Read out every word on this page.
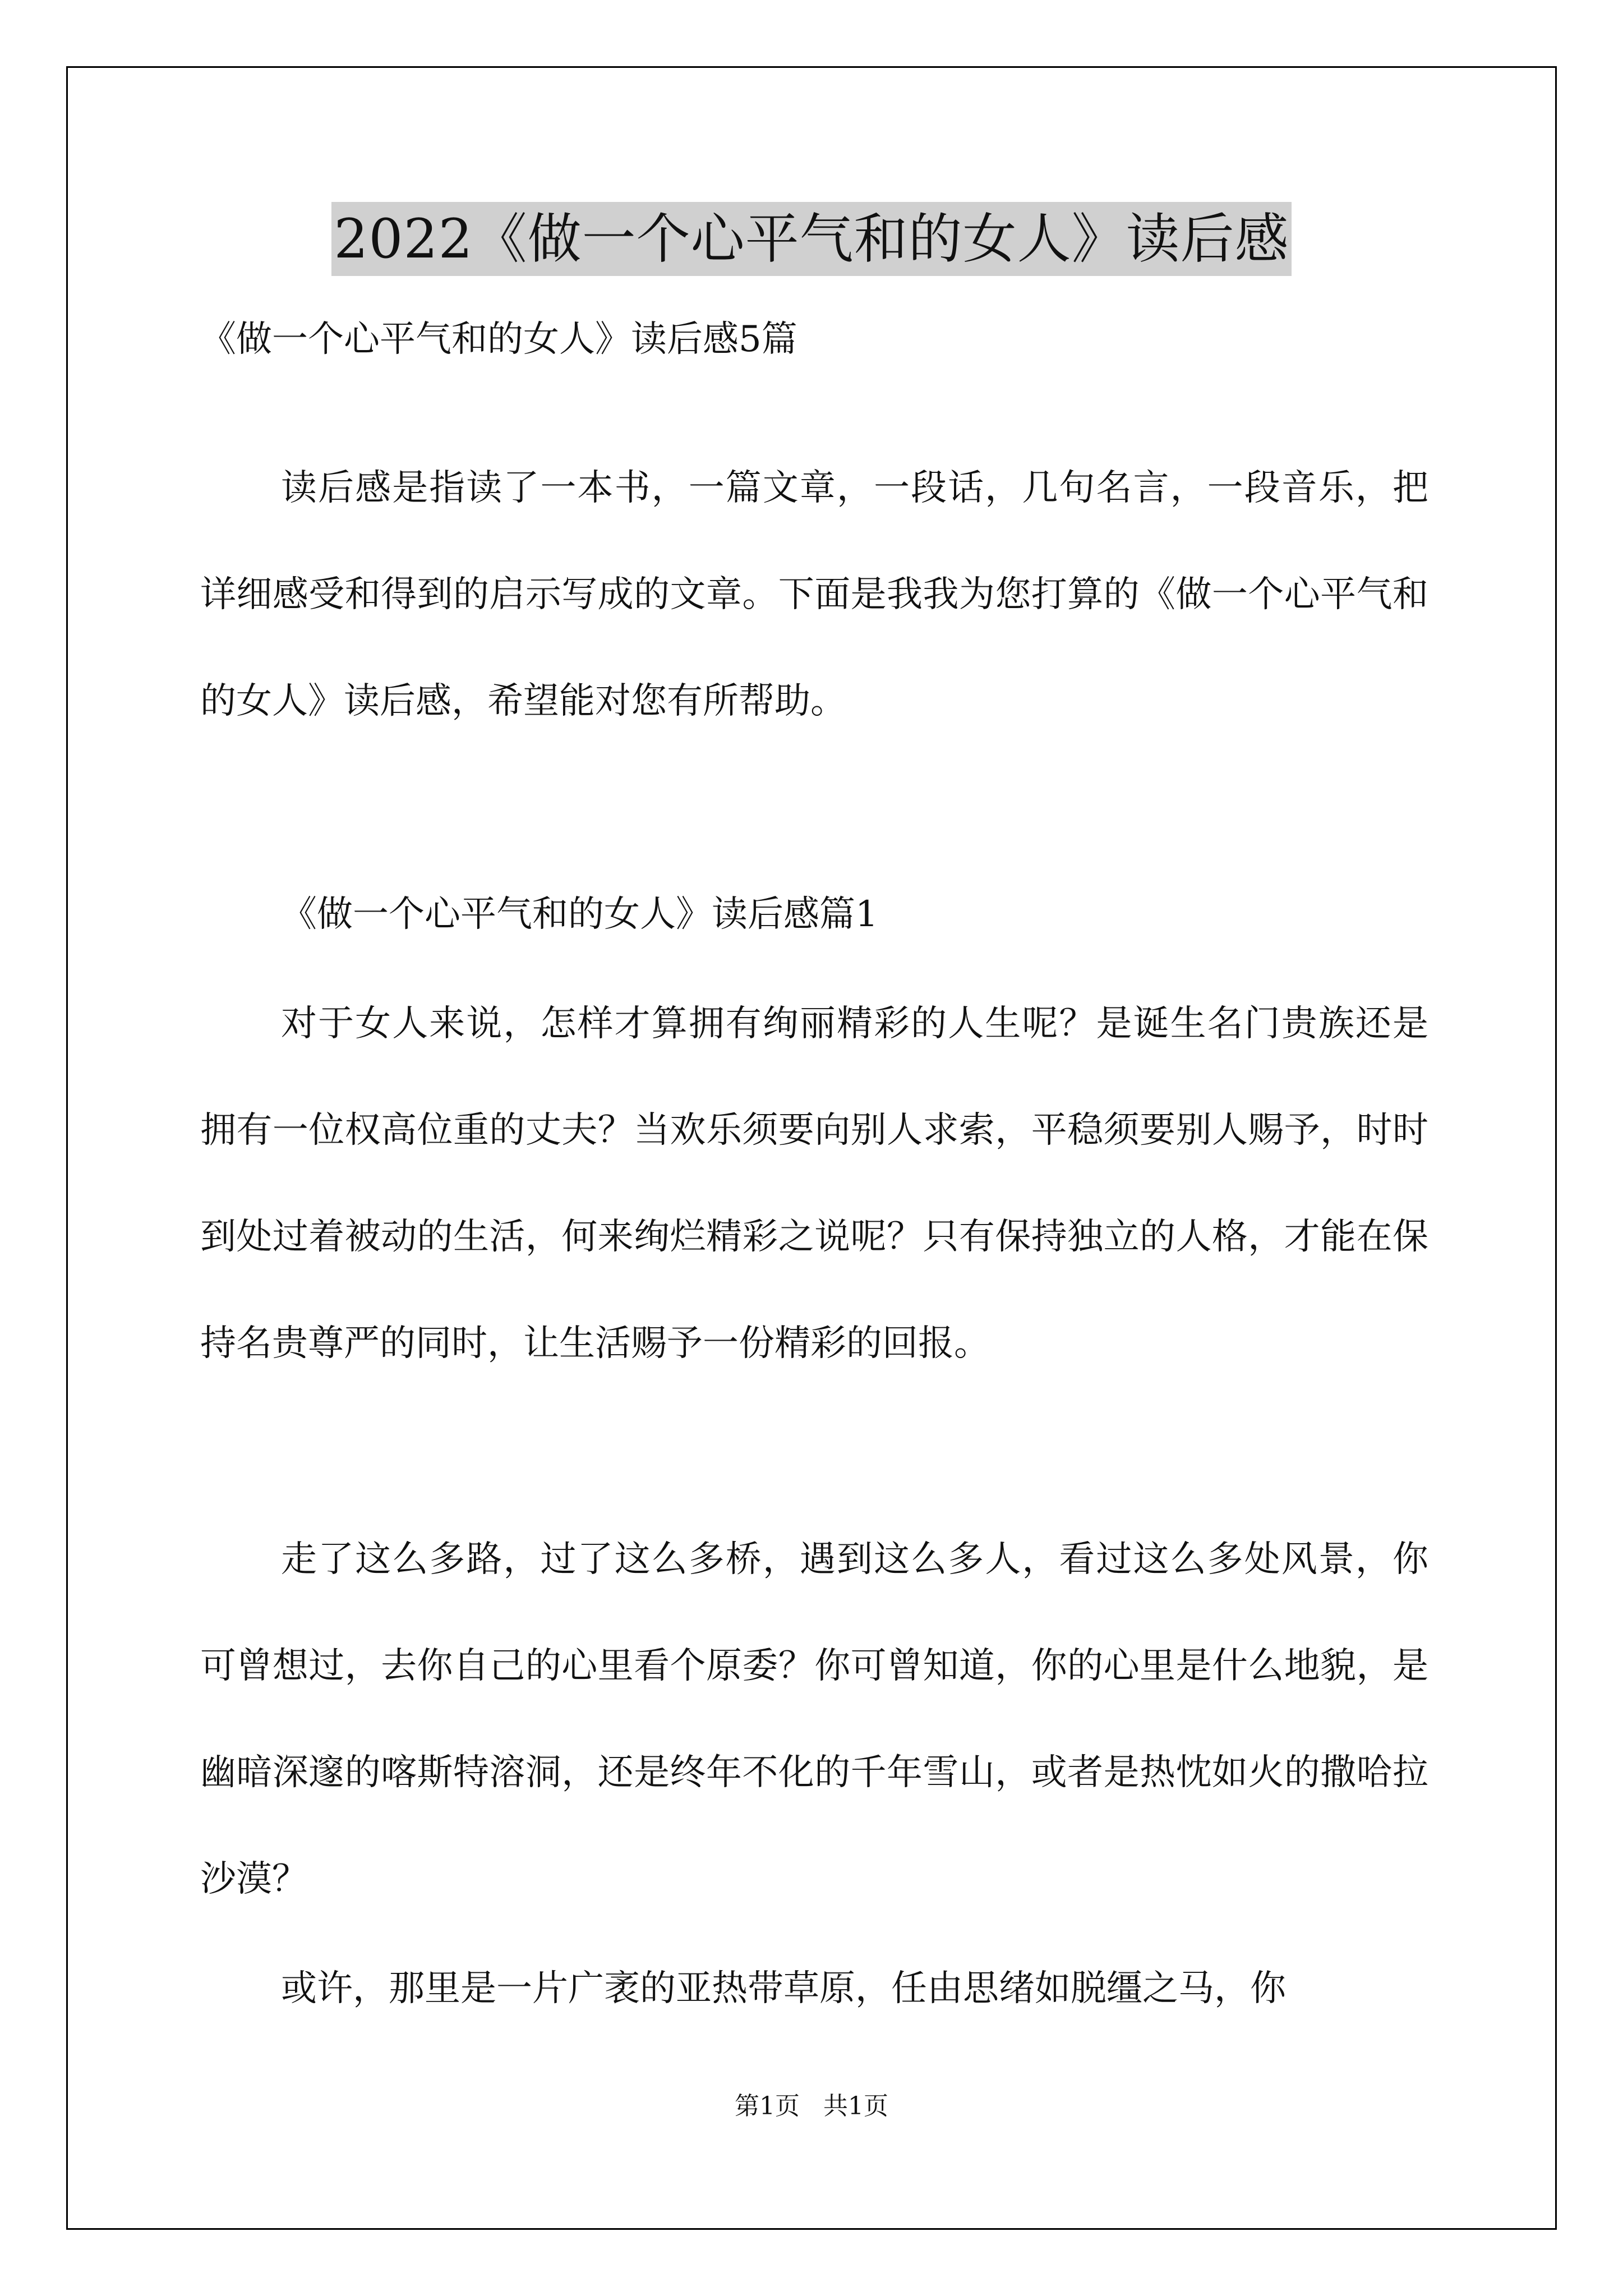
2022《做一个心平气和的女人》读后感
《做一个心平气和的女人》读后感5篇
读后感是指读了一本书，一篇文章，一段话，几句名言，一段音乐，把详细感受和得到的启示写成的文章。下面是我我为您打算的《做一个心平气和的女人》读后感，希望能对您有所帮助。
《做一个心平气和的女人》读后感篇1
对于女人来说，怎样才算拥有绚丽精彩的人生呢？是诞生名门贵族还是拥有一位权高位重的丈夫？当欢乐须要向别人求索，平稳须要别人赐予，时时到处过着被动的生活，何来绚烂精彩之说呢？只有保持独立的人格，才能在保持名贵尊严的同时，让生活赐予一份精彩的回报。
走了这么多路，过了这么多桥，遇到这么多人，看过这么多处风景，你可曾想过，去你自己的心里看个原委？你可曾知道，你的心里是什么地貌，是幽暗深邃的喀斯特溶洞，还是终年不化的千年雪山，或者是热忱如火的撒哈拉沙漠？
或许，那里是一片广袤的亚热带草原，任由思绪如脱缰之马，你
第1页   共1页
